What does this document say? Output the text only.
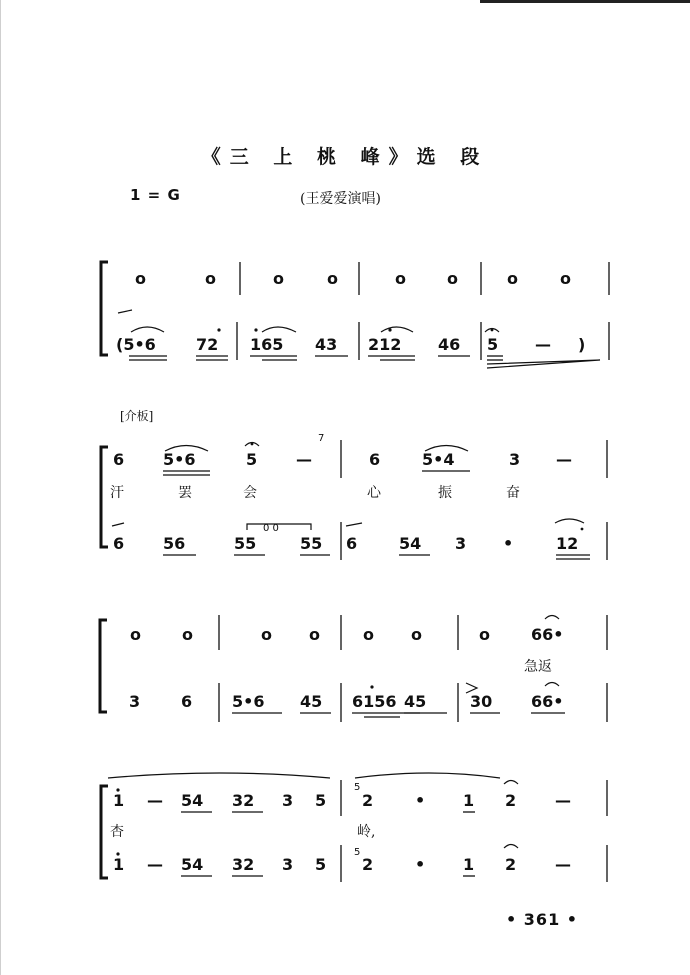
《三 上 桃 峰》选 段
1 = G	(王爱爱演唱)
[介板]
• 361 •
o	o	o	o	o	o	o	o
(5•6	72 165 43 212 46 5 — )
6 5•6	5 —
7
6	5•4	3 —
汗	罢	会	心	振	奋
6 56	55
0 0
55 6	54 3 •	12
o	o	o o	o o	o	66•
急返
3	6 5•6 45 6156 45	30 66•
1 — 54 32 3 5
5
2	• 1 2 —
杏	岭,
1 — 54 32 3 5
5
2	• 1 2 —
